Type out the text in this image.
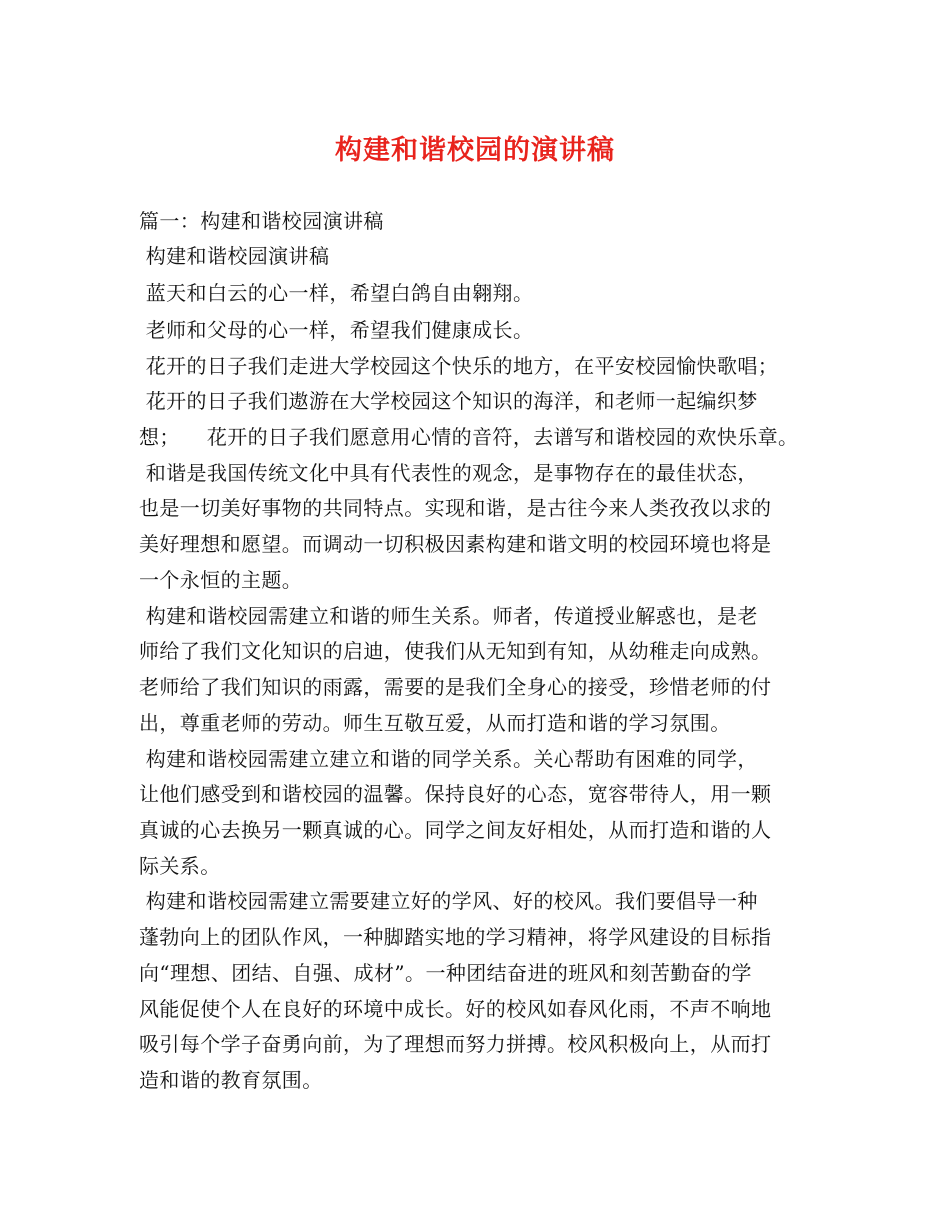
构建和谐校园的演讲稿
篇一：构建和谐校园演讲稿
构建和谐校园演讲稿
蓝天和白云的心一样，希望白鸽自由翱翔。
老师和父母的心一样，希望我们健康成长。
花开的日子我们走进大学校园这个快乐的地方，在平安校园愉快歌唱；
花开的日子我们遨游在大学校园这个知识的海洋，和老师一起编织梦
想；    花开的日子我们愿意用心情的音符，去谱写和谐校园的欢快乐章。
和谐是我国传统文化中具有代表性的观念，是事物存在的最佳状态，
也是一切美好事物的共同特点。实现和谐，是古往今来人类孜孜以求的
美好理想和愿望。而调动一切积极因素构建和谐文明的校园环境也将是
一个永恒的主题。
构建和谐校园需建立和谐的师生关系。师者，传道授业解惑也，是老
师给了我们文化知识的启迪，使我们从无知到有知，从幼稚走向成熟。
老师给了我们知识的雨露，需要的是我们全身心的接受，珍惜老师的付
出，尊重老师的劳动。师生互敬互爱，从而打造和谐的学习氛围。
构建和谐校园需建立建立和谐的同学关系。关心帮助有困难的同学，
让他们感受到和谐校园的温馨。保持良好的心态，宽容带待人，用一颗
真诚的心去换另一颗真诚的心。同学之间友好相处，从而打造和谐的人
际关系。
构建和谐校园需建立需要建立好的学风、好的校风。我们要倡导一种
蓬勃向上的团队作风，一种脚踏实地的学习精神，将学风建设的目标指
向“理想、团结、自强、成材”。一种团结奋进的班风和刻苦勤奋的学
风能促使个人在良好的环境中成长。好的校风如春风化雨，不声不响地
吸引每个学子奋勇向前，为了理想而努力拼搏。校风积极向上，从而打
造和谐的教育氛围。
